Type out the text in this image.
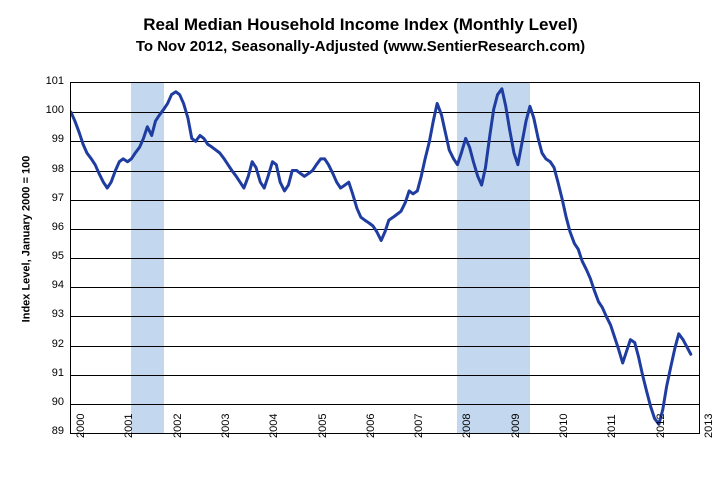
Real Median Household Income Index (Monthly Level)
To Nov 2012, Seasonally-Adjusted (www.SentierResearch.com)
Index Level, January 2000 = 100
89
90
91
92
93
94
95
96
97
98
99
100
101
2000	2001	2002	2003	2004	2005	2006	2007	2008	2009	2010	2011	2012	2013
